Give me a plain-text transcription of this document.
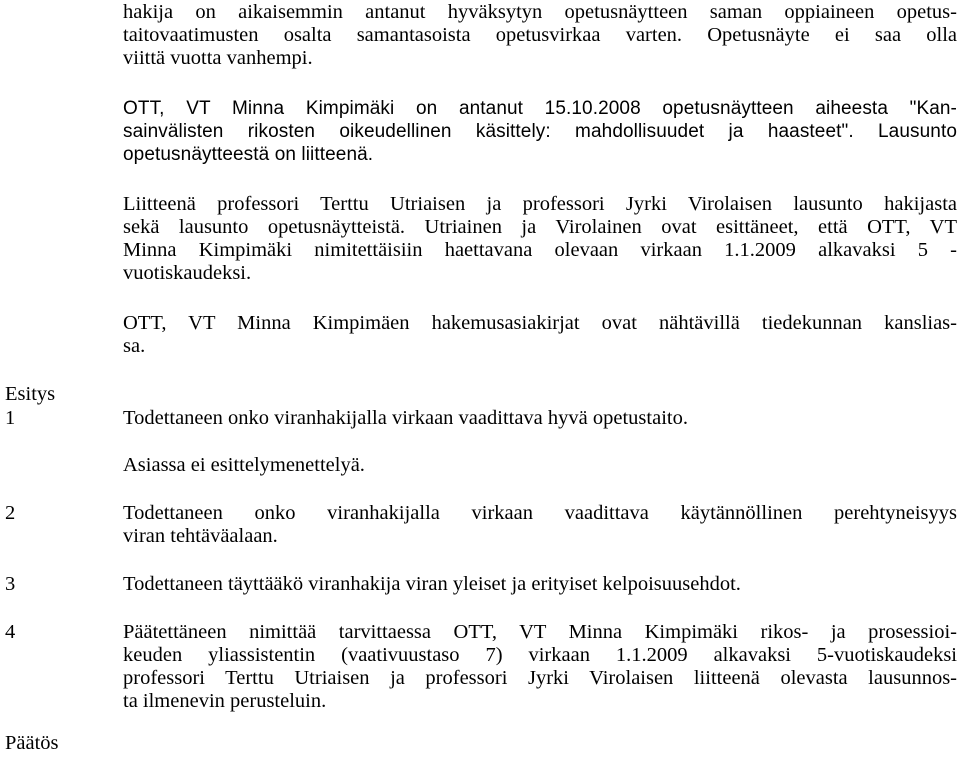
hakija on aikaisemmin antanut hyväksytyn opetusnäytteen saman oppiaineen opetus-
taitovaatimusten osalta samantasoista opetusvirkaa varten. Opetusnäyte ei saa olla
viittä vuotta vanhempi.
OTT, VT Minna Kimpimäki on antanut 15.10.2008 opetusnäytteen aiheesta "Kan-
sainvälisten rikosten oikeudellinen käsittely: mahdollisuudet ja haasteet". Lausunto
opetusnäytteestä on liitteenä.
Liitteenä professori Terttu Utriaisen ja professori Jyrki Virolaisen lausunto hakijasta
sekä lausunto opetusnäytteistä. Utriainen ja Virolainen ovat esittäneet, että OTT, VT
Minna Kimpimäki nimitettäisiin haettavana olevaan virkaan 1.1.2009 alkavaksi 5 -
vuotiskaudeksi.
OTT, VT Minna Kimpimäen hakemusasiakirjat ovat nähtävillä tiedekunnan kanslias-
sa.
Esitys
1	Todettaneen onko viranhakijalla virkaan vaadittava hyvä opetustaito.
Asiassa ei esittelymenettelyä.
2	Todettaneen onko viranhakijalla virkaan vaadittava käytännöllinen perehtyneisyys
viran tehtäväalaan.
3	Todettaneen täyttääkö viranhakija viran yleiset ja erityiset kelpoisuusehdot.
4	Päätettäneen nimittää tarvittaessa OTT, VT Minna Kimpimäki rikos- ja prosessioi-
keuden yliassistentin (vaativuustaso 7) virkaan 1.1.2009 alkavaksi 5-vuotiskaudeksi
professori Terttu Utriaisen ja professori Jyrki Virolaisen liitteenä olevasta lausunnos-
ta ilmenevin perusteluin.
Päätös
